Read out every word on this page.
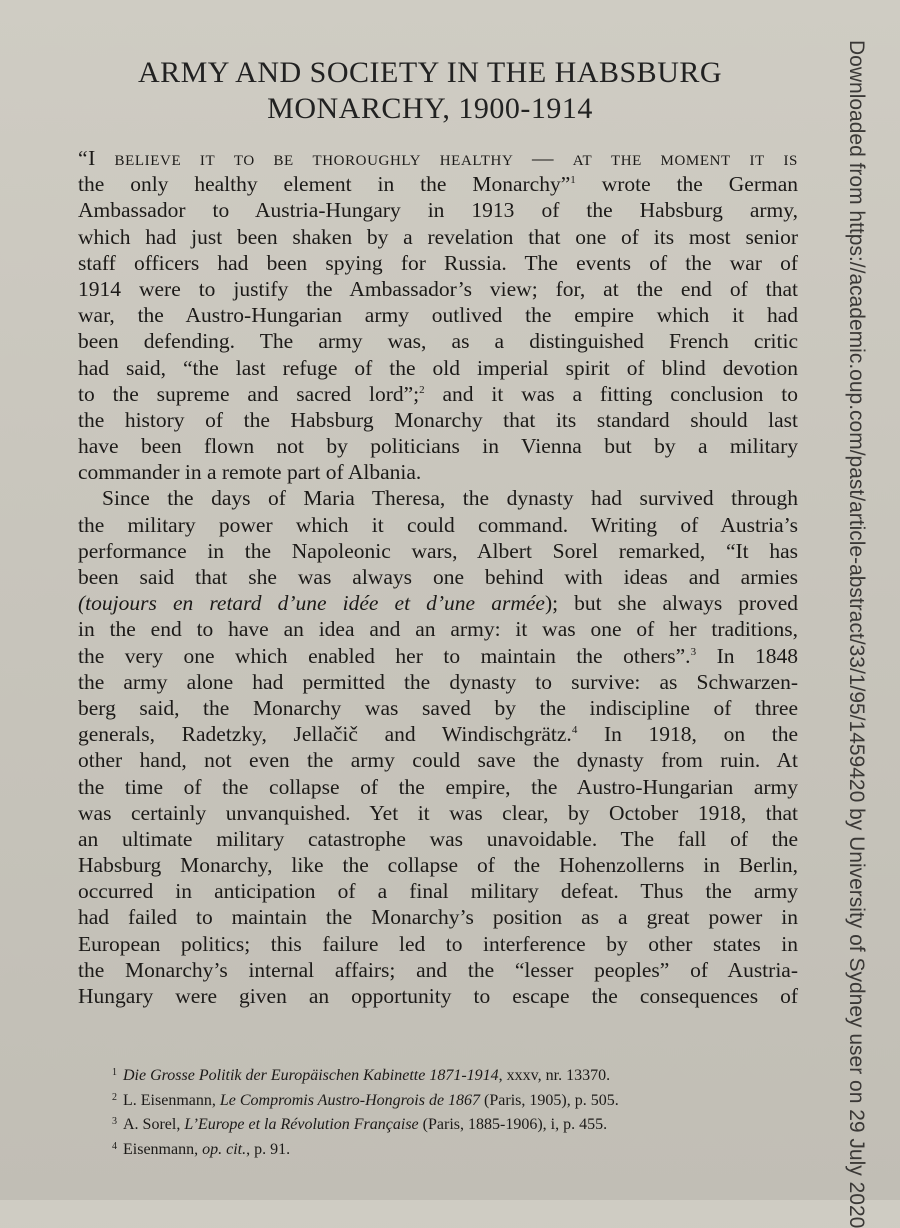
ARMY AND SOCIETY IN THE HABSBURG
MONARCHY, 1900-1914
“I believe it to be thoroughly healthy — at the moment it is
the only healthy element in the Monarchy”$^1$ wrote the German
Ambassador to Austria-Hungary in 1913 of the Habsburg army,
which had just been shaken by a revelation that one of its most senior
staff officers had been spying for Russia. The events of the war of
1914 were to justify the Ambassador’s view; for, at the end of that
war, the Austro-Hungarian army outlived the empire which it had
been defending. The army was, as a distinguished French critic
had said, “the last refuge of the old imperial spirit of blind devotion
to the supreme and sacred lord”;$^2$ and it was a fitting conclusion to
the history of the Habsburg Monarchy that its standard should last
have been flown not by politicians in Vienna but by a military
commander in a remote part of Albania.
Since the days of Maria Theresa, the dynasty had survived through
the military power which it could command. Writing of Austria’s
performance in the Napoleonic wars, Albert Sorel remarked, “It has
been said that she was always one behind with ideas and armies
(toujours en retard d’une idée et d’une armée); but she always proved
in the end to have an idea and an army: it was one of her traditions,
the very one which enabled her to maintain the others”.$^3$ In 1848
the army alone had permitted the dynasty to survive: as Schwarzen-
berg said, the Monarchy was saved by the indiscipline of three
generals, Radetzky, Jellačič and Windischgrätz.$^4$ In 1918, on the
other hand, not even the army could save the dynasty from ruin. At
the time of the collapse of the empire, the Austro-Hungarian army
was certainly unvanquished. Yet it was clear, by October 1918, that
an ultimate military catastrophe was unavoidable. The fall of the
Habsburg Monarchy, like the collapse of the Hohenzollerns in Berlin,
occurred in anticipation of a final military defeat. Thus the army
had failed to maintain the Monarchy’s position as a great power in
European politics; this failure led to interference by other states in
the Monarchy’s internal affairs; and the “lesser peoples” of Austria-
Hungary were given an opportunity to escape the consequences of
$^1$ Die Grosse Politik der Europäischen Kabinette 1871-1914, xxxv, nr. 13370.
$^2$ L. Eisenmann, Le Compromis Austro-Hongrois de 1867 (Paris, 1905), p. 505.
$^3$ A. Sorel, L’Europe et la Révolution Française (Paris, 1885-1906), i, p. 455.
$^4$ Eisenmann, op. cit., p. 91.	Downloaded from https://academic.oup.com/past/article-abstract/33/1/95/1459420 by University of Sydney user on 29 July 2020
